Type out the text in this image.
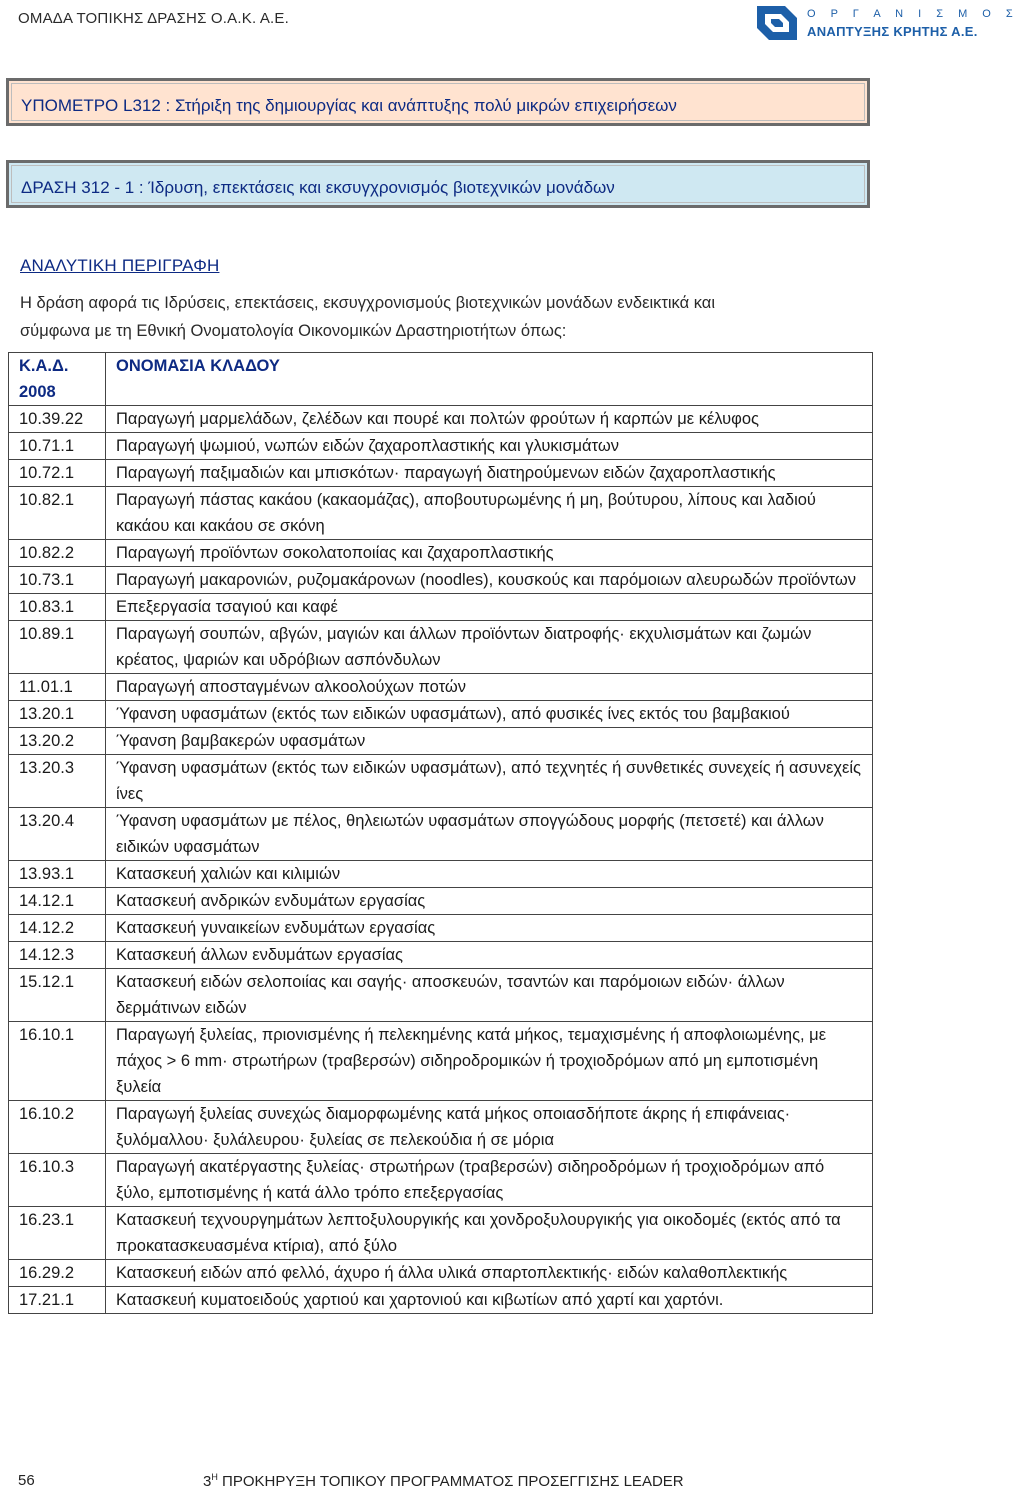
ΟΜΑΔΑ ΤΟΠΙΚΗΣ ΔΡΑΣΗΣ Ο.Α.Κ. Α.Ε.	Ο Ρ Γ Α Ν Ι Σ Μ Ο Σ
ΑΝΑΠΤΥΞΗΣ ΚΡΗΤΗΣ Α.Ε.
ΥΠΟΜΕΤΡΟ L312 : Στήριξη της δημιουργίας και ανάπτυξης πολύ μικρών επιχειρήσεων
ΔΡΑΣΗ 312 - 1 : Ίδρυση, επεκτάσεις και εκσυγχρονισμός βιοτεχνικών μονάδων
ΑΝΑΛΥΤΙΚΗ ΠΕΡΙΓΡΑΦΗ
Η δράση αφορά τις Ιδρύσεις, επεκτάσεις, εκσυγχρονισμούς βιοτεχνικών μονάδων ενδεικτικά και
σύμφωνα με τη Εθνική Ονοματολογία Οικονομικών Δραστηριοτήτων όπως:
Κ.Α.Δ.
2008	ΟΝΟΜΑΣΙΑ ΚΛΑΔΟΥ

10.39.22	Παραγωγή μαρμελάδων, ζελέδων και πουρέ και πολτών φρούτων ή καρπών με κέλυφος
10.71.1	Παραγωγή ψωμιού, νωπών ειδών ζαχαροπλαστικής και γλυκισμάτων
10.72.1	Παραγωγή παξιμαδιών και μπισκότων· παραγωγή διατηρούμενων ειδών ζαχαροπλαστικής
10.82.1	Παραγωγή πάστας κακάου (κακαομάζας), αποβουτυρωμένης ή μη, βούτυρου, λίπους και λαδιού κακάου και κακάου σε σκόνη
10.82.2	Παραγωγή προϊόντων σοκολατοποιίας και ζαχαροπλαστικής
10.73.1	Παραγωγή μακαρονιών, ρυζομακάρονων (noodles), κουσκούς και παρόμοιων αλευρωδών προϊόντων
10.83.1	Επεξεργασία τσαγιού και καφέ
10.89.1	Παραγωγή σουπών, αβγών, μαγιών και άλλων προϊόντων διατροφής· εκχυλισμάτων και ζωμών κρέατος, ψαριών και υδρόβιων ασπόνδυλων
11.01.1	Παραγωγή αποσταγμένων αλκοολούχων ποτών
13.20.1	Ύφανση υφασμάτων (εκτός των ειδικών υφασμάτων), από φυσικές ίνες εκτός του βαμβακιού
13.20.2	Ύφανση βαμβακερών υφασμάτων
13.20.3	Ύφανση υφασμάτων (εκτός των ειδικών υφασμάτων), από τεχνητές ή συνθετικές συνεχείς ή ασυνεχείς ίνες
13.20.4	Ύφανση υφασμάτων με πέλος, θηλειωτών υφασμάτων σπογγώδους μορφής (πετσετέ) και άλλων ειδικών υφασμάτων
13.93.1	Κατασκευή χαλιών και κιλιμιών
14.12.1	Κατασκευή ανδρικών ενδυμάτων εργασίας
14.12.2	Κατασκευή γυναικείων ενδυμάτων εργασίας
14.12.3	Κατασκευή άλλων ενδυμάτων εργασίας
15.12.1	Κατασκευή ειδών σελοποιίας και σαγής· αποσκευών, τσαντών και παρόμοιων ειδών· άλλων δερμάτινων ειδών
16.10.1	Παραγωγή ξυλείας, πριονισμένης ή πελεκημένης κατά μήκος, τεμαχισμένης ή αποφλοιωμένης, με πάχος > 6 mm· στρωτήρων (τραβερσών) σιδηροδρομικών ή τροχιοδρόμων από μη εμποτισμένη ξυλεία
16.10.2	Παραγωγή ξυλείας συνεχώς διαμορφωμένης κατά μήκος οποιασδήποτε άκρης ή επιφάνειας· ξυλόμαλλου· ξυλάλευρου· ξυλείας σε πελεκούδια ή σε μόρια
16.10.3	Παραγωγή ακατέργαστης ξυλείας· στρωτήρων (τραβερσών) σιδηροδρόμων ή τροχιοδρόμων από ξύλο, εμποτισμένης ή κατά άλλο τρόπο επεξεργασίας
16.23.1	Κατασκευή τεχνουργημάτων λεπτοξυλουργικής και χονδροξυλουργικής για οικοδομές (εκτός από τα προκατασκευασμένα κτίρια), από ξύλο
16.29.2	Κατασκευή ειδών από φελλό, άχυρο ή άλλα υλικά σπαρτοπλεκτικής· ειδών καλαθοπλεκτικής
17.21.1	Κατασκευή κυματοειδούς χαρτιού και χαρτονιού και κιβωτίων από χαρτί και χαρτόνι.
56	$3^H$ ΠΡΟΚΗΡΥΞΗ ΤΟΠΙΚΟΥ ΠΡΟΓΡΑΜΜΑΤΟΣ ΠΡΟΣΕΓΓΙΣΗΣ LEADER
